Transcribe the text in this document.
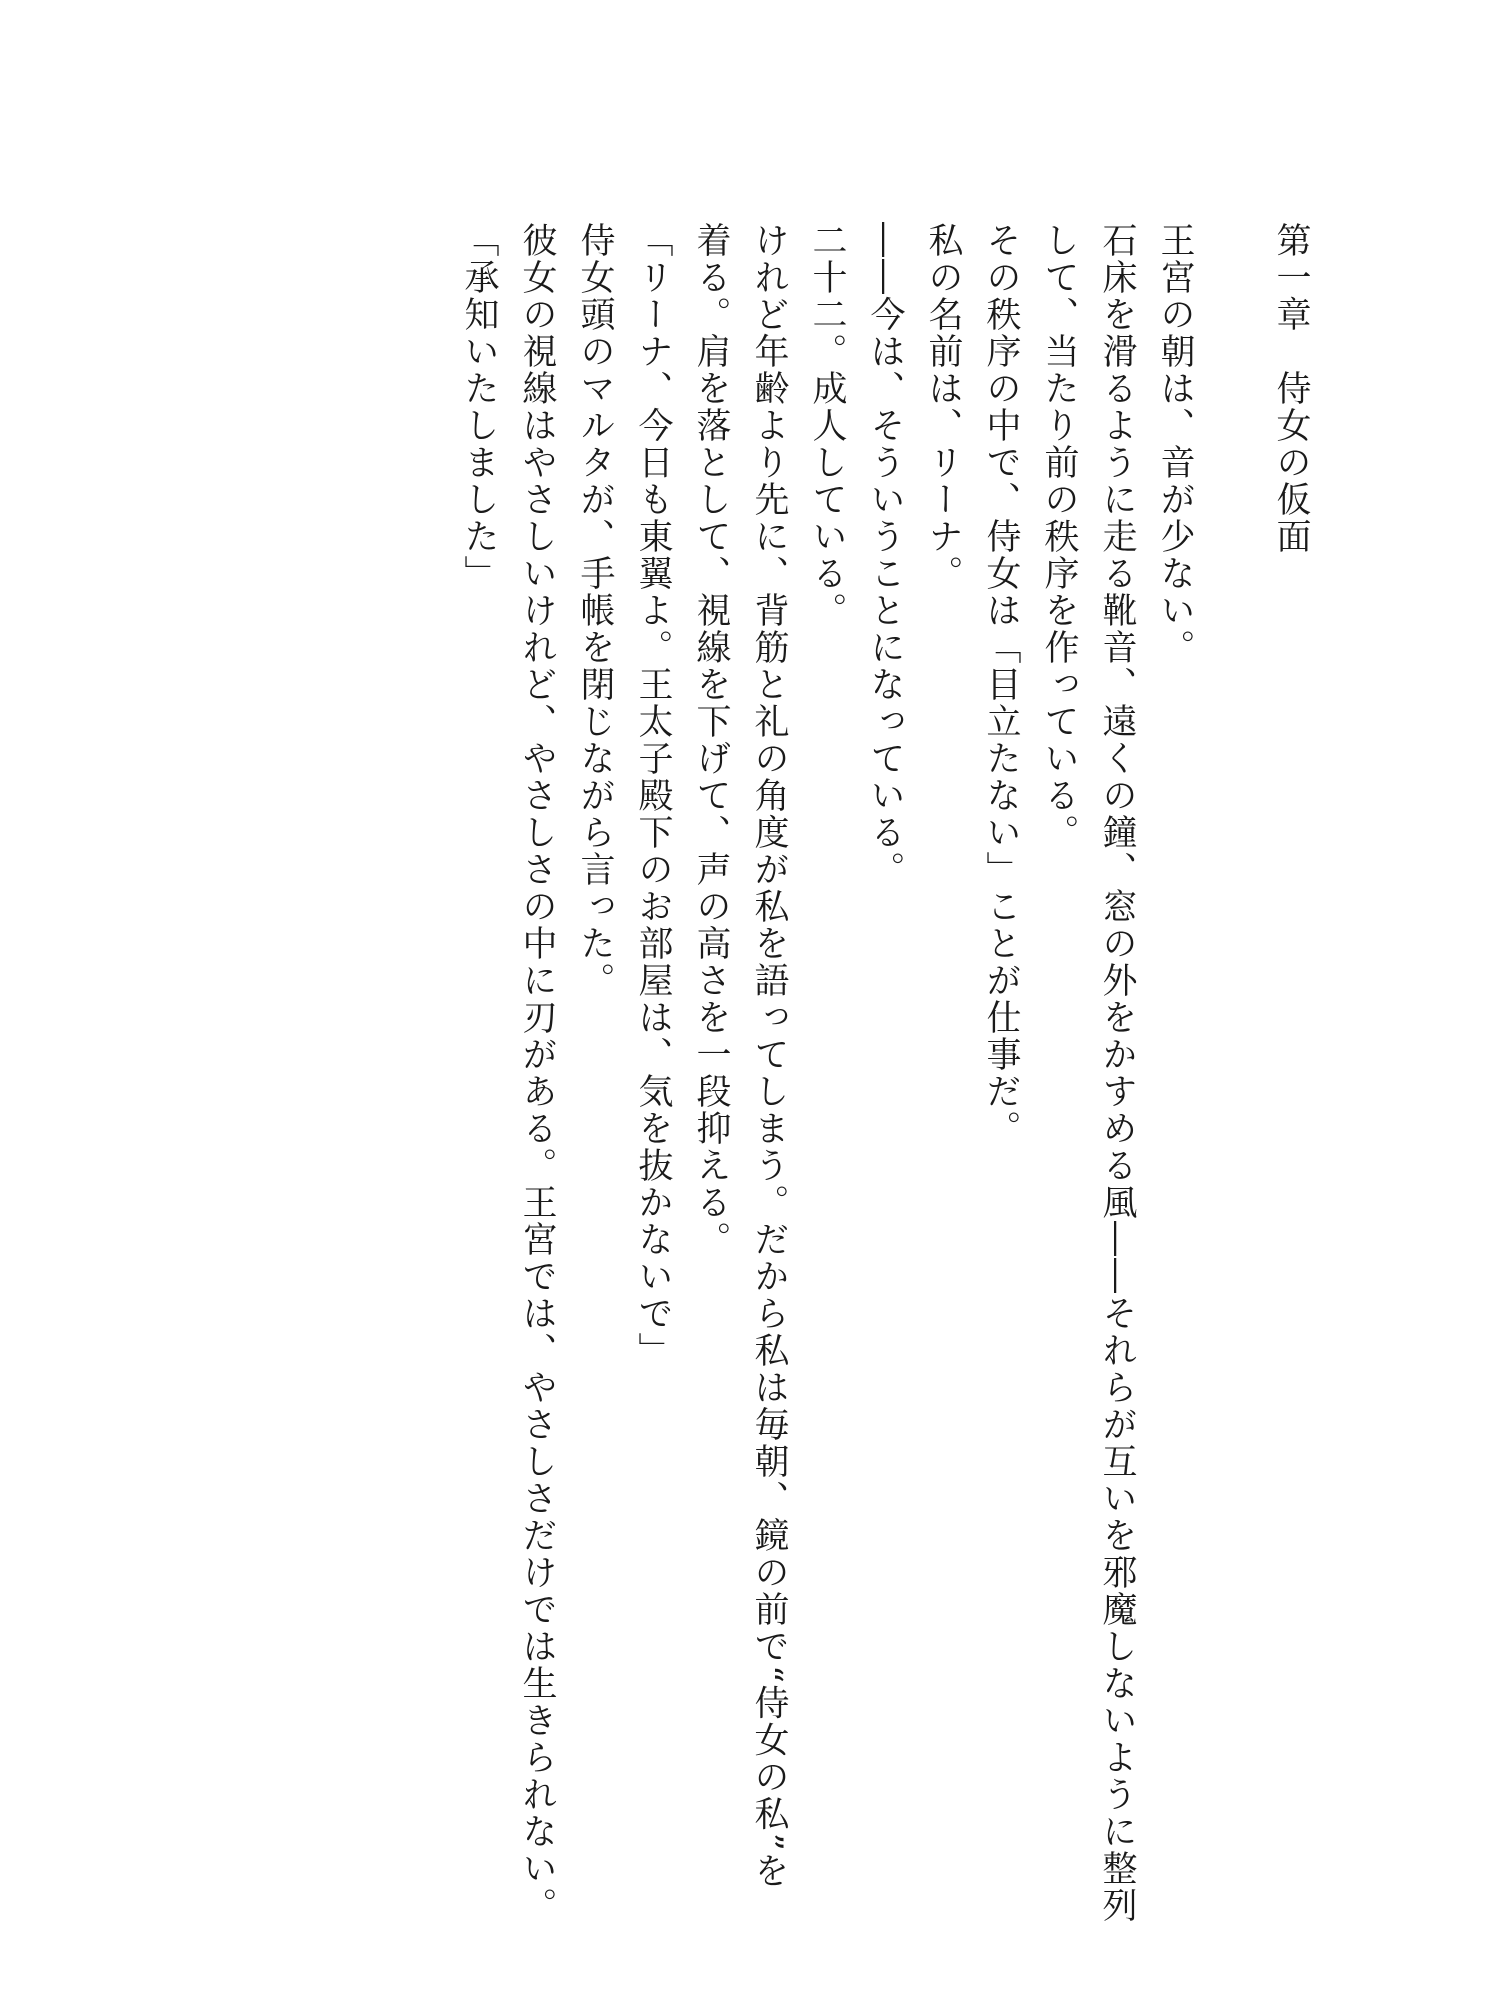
第一章　侍女の仮面

王宮の朝は、音が少ない。

石床を滑るように走る靴音、遠くの鐘、窓の外をかすめる風――それらが互いを邪魔しないように整列

して、当たり前の秩序を作っている。

その秩序の中で、侍女は「目立たない」ことが仕事だ。

私の名前は、リーナ。

――今は、そういうことになっている。

二十二。成人している。

けれど年齢より先に、背筋と礼の角度が私を語ってしまう。だから私は毎朝、鏡の前で“侍女の私”を

着る。肩を落として、視線を下げて、声の高さを一段抑える。

「リーナ、今日も東翼よ。王太子殿下のお部屋は、気を抜かないで」

侍女頭のマルタが、手帳を閉じながら言った。

彼女の視線はやさしいけれど、やさしさの中に刃がある。王宮では、やさしさだけでは生きられない。

「承知いたしました」
